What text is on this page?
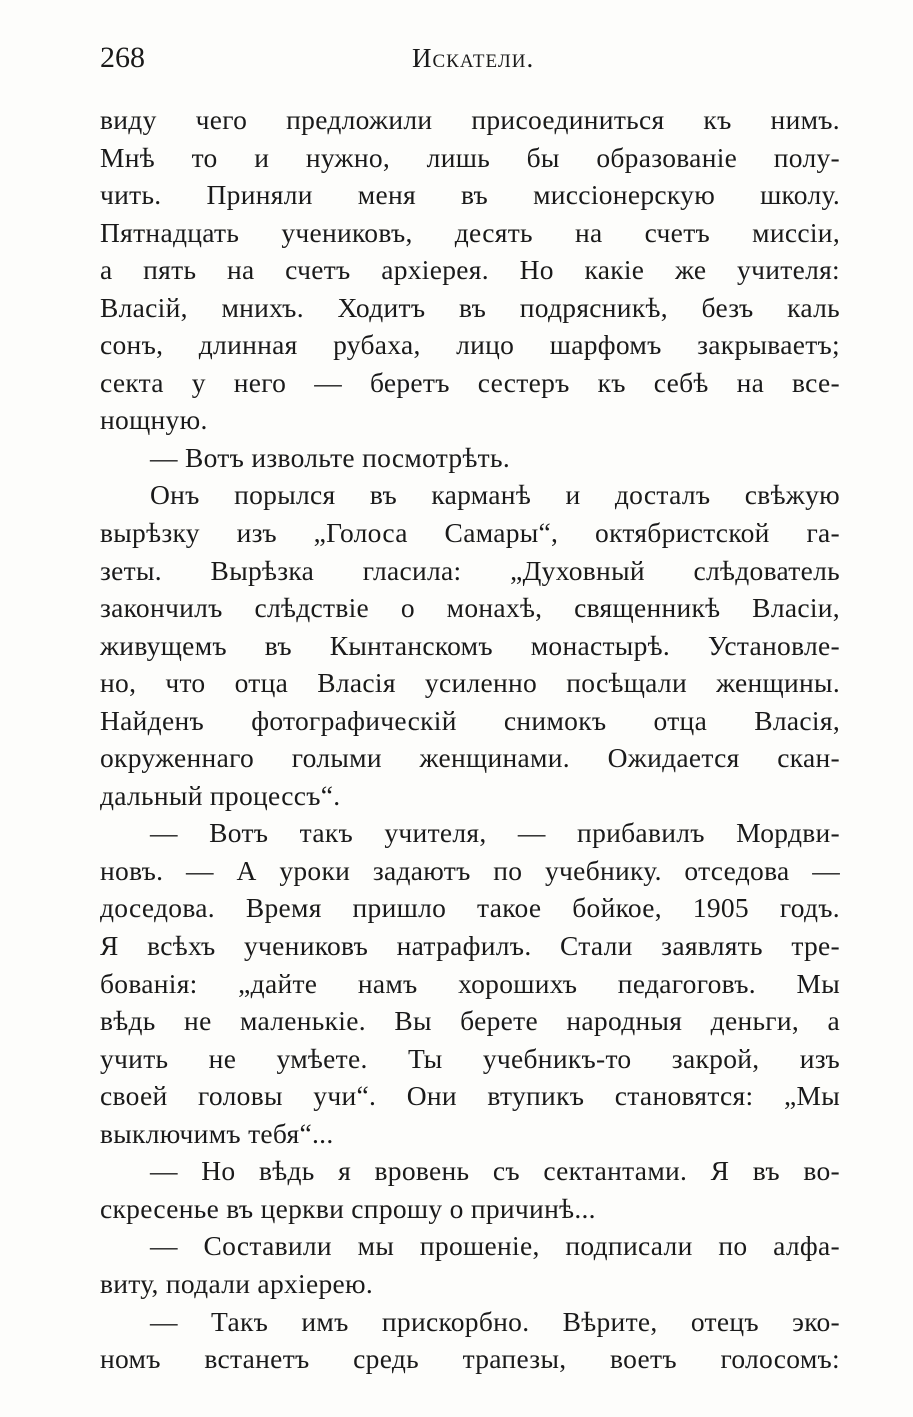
268	Искатели.
виду чего предложили присоединиться къ нимъ.
Мнѣ то и нужно, лишь бы образованіе полу-
чить. Приняли меня въ миссіонерскую школу.
Пятнадцать учениковъ, десять на счетъ миссіи,
а пять на счетъ архіерея. Но какіе же учителя:
Власій, мнихъ. Ходитъ въ подрясникѣ, безъ каль
сонъ, длинная рубаха, лицо шарфомъ закрываетъ;
секта у него — беретъ сестеръ къ себѣ на все-
нощную.
— Вотъ извольте посмотрѣть.
Онъ порылся въ карманѣ и досталъ свѣжую
вырѣзку изъ „Голоса Самары“, октябристской га-
зеты. Вырѣзка гласила: „Духовный слѣдователь
закончилъ слѣдствіе о монахѣ, священникѣ Власіи,
живущемъ въ Кынтанскомъ монастырѣ. Установле-
но, что отца Власія усиленно посѣщали женщины.
Найденъ фотографическій снимокъ отца Власія,
окруженнаго голыми женщинами. Ожидается скан-
дальный процессъ“.
— Вотъ такъ учителя, — прибавилъ Мордви-
новъ. — А уроки задаютъ по учебнику. отседова —
доседова. Время пришло такое бойкое, 1905 годъ.
Я всѣхъ учениковъ натрафилъ. Стали заявлять тре-
бованія: „дайте намъ хорошихъ педагоговъ. Мы
вѣдь не маленькіе. Вы берете народныя деньги, а
учить не умѣете. Ты учебникъ-то закрой, изъ
своей головы учи“. Они втупикъ становятся: „Мы
выключимъ тебя“...
— Но вѣдь я вровень съ сектантами. Я въ во-
скресенье въ церкви спрошу о причинѣ...
— Составили мы прошеніе, подписали по алфа-
виту, подали архіерею.
— Такъ имъ прискорбно. Вѣрите, отецъ эко-
номъ встанетъ средь трапезы, воетъ голосомъ:
